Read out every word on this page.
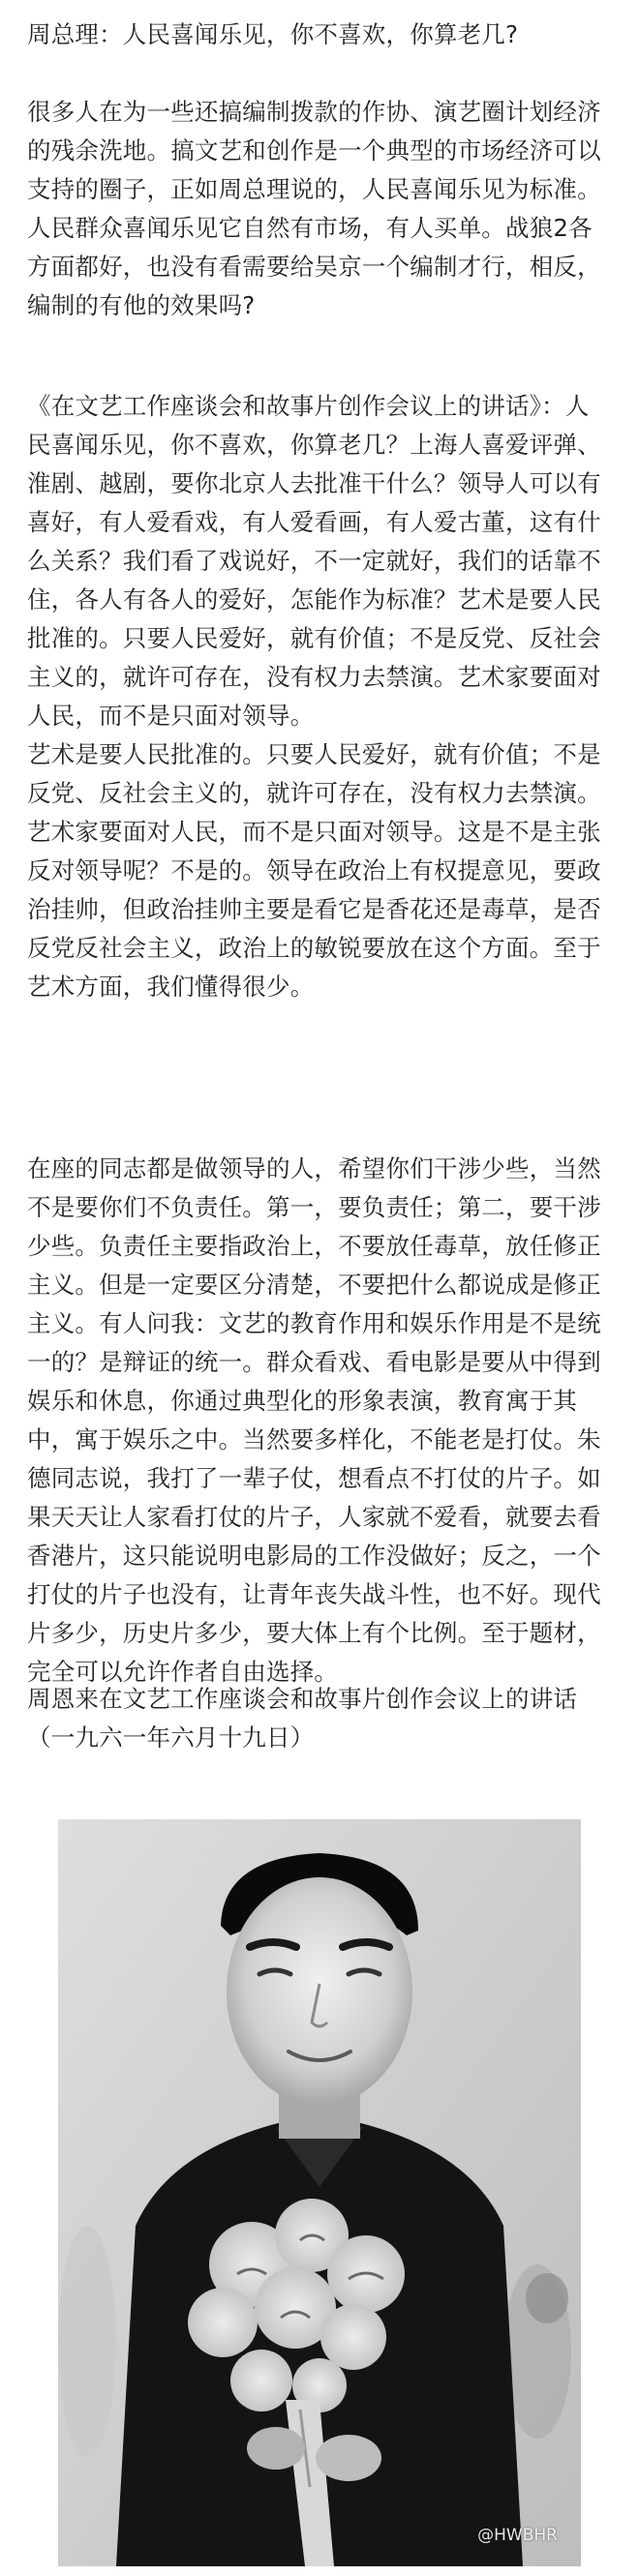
周总理：人民喜闻乐见，你不喜欢，你算老几?
很多人在为一些还搞编制拨款的作协、演艺圈计划经济的残余洗地。搞文艺和创作是一个典型的市场经济可以支持的圈子，正如周总理说的，人民喜闻乐见为标准。人民群众喜闻乐见它自然有市场，有人买单。战狼2各方面都好，也没有看需要给吴京一个编制才行，相反，编制的有他的效果吗?
《在文艺工作座谈会和故事片创作会议上的讲话》：人民喜闻乐见，你不喜欢，你算老几？上海人喜爱评弹、淮剧、越剧，要你北京人去批准干什么？领导人可以有喜好，有人爱看戏，有人爱看画，有人爱古董，这有什么关系？我们看了戏说好，不一定就好，我们的话靠不住，各人有各人的爱好，怎能作为标准？艺术是要人民批准的。只要人民爱好，就有价值；不是反党、反社会主义的，就许可存在，没有权力去禁演。艺术家要面对人民，而不是只面对领导。
艺术是要人民批准的。只要人民爱好，就有价值；不是反党、反社会主义的，就许可存在，没有权力去禁演。艺术家要面对人民，而不是只面对领导。这是不是主张反对领导呢？不是的。领导在政治上有权提意见，要政治挂帅，但政治挂帅主要是看它是香花还是毒草，是否反党反社会主义，政治上的敏锐要放在这个方面。至于艺术方面，我们懂得很少。
在座的同志都是做领导的人，希望你们干涉少些，当然不是要你们不负责任。第一，要负责任；第二，要干涉少些。负责任主要指政治上，不要放任毒草，放任修正主义。但是一定要区分清楚，不要把什么都说成是修正主义。有人问我：文艺的教育作用和娱乐作用是不是统一的？是辩证的统一。群众看戏、看电影是要从中得到娱乐和休息，你通过典型化的形象表演，教育寓于其中，寓于娱乐之中。当然要多样化，不能老是打仗。朱德同志说，我打了一辈子仗，想看点不打仗的片子。如果天天让人家看打仗的片子，人家就不爱看，就要去看香港片，这只能说明电影局的工作没做好；反之，一个打仗的片子也没有，让青年丧失战斗性，也不好。现代片多少，历史片多少，要大体上有个比例。至于题材，完全可以允许作者自由选择。
周恩来在文艺工作座谈会和故事片创作会议上的讲话（一九六一年六月十九日）
@HWBHR
